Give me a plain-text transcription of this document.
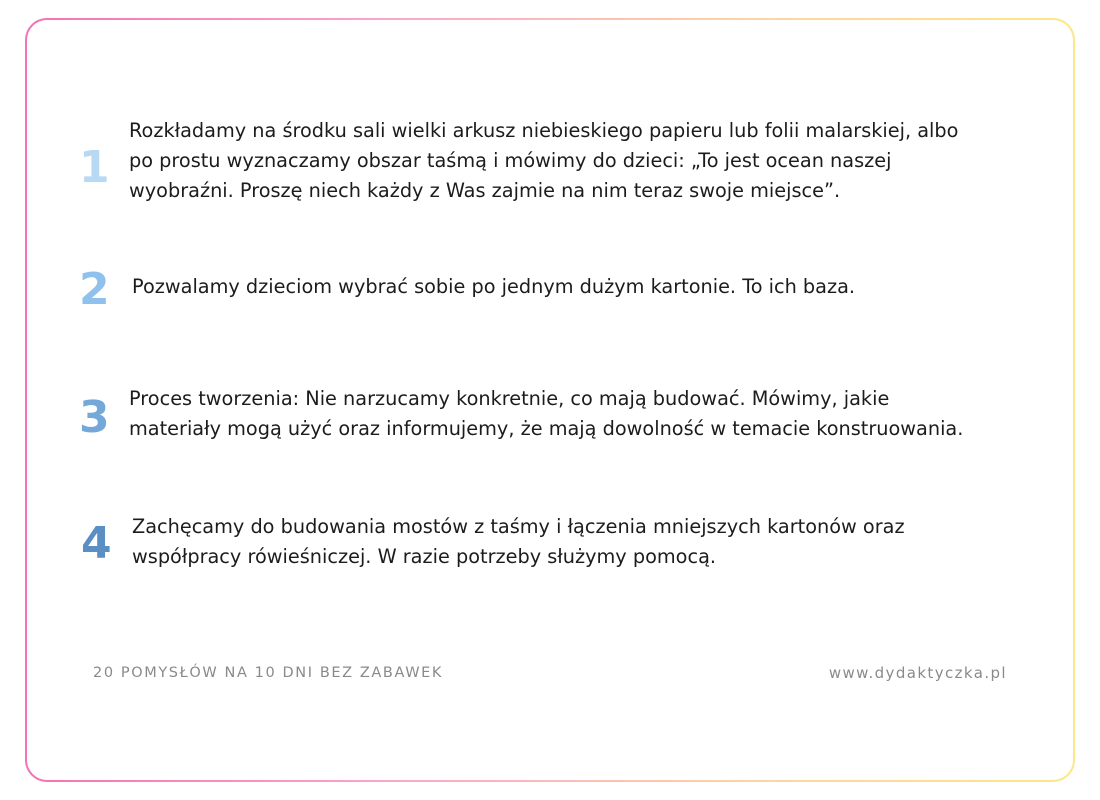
1

Rozkładamy na środku sali wielki arkusz niebieskiego papieru lub folii malarskiej, albo po prostu wyznaczamy obszar taśmą i mówimy do dzieci: „To jest ocean naszej wyobraźni. Proszę niech każdy z Was zajmie na nim teraz swoje miejsce”.

2 Pozwalamy dzieciom wybrać sobie po jednym dużym kartonie. To ich baza.

3 Proces tworzenia: Nie narzucamy konkretnie, co mają budować. Mówimy, jakie materiały mogą użyć oraz informujemy, że mają dowolność w temacie konstruowania.

4 Zachęcamy do budowania mostów z taśmy i łączenia mniejszych kartonów oraz współpracy rówieśniczej. W razie potrzeby służymy pomocą.

20 POMYSŁÓW NA 10 DNI BEZ ZABAWEK	www.dydaktyczka.pl
